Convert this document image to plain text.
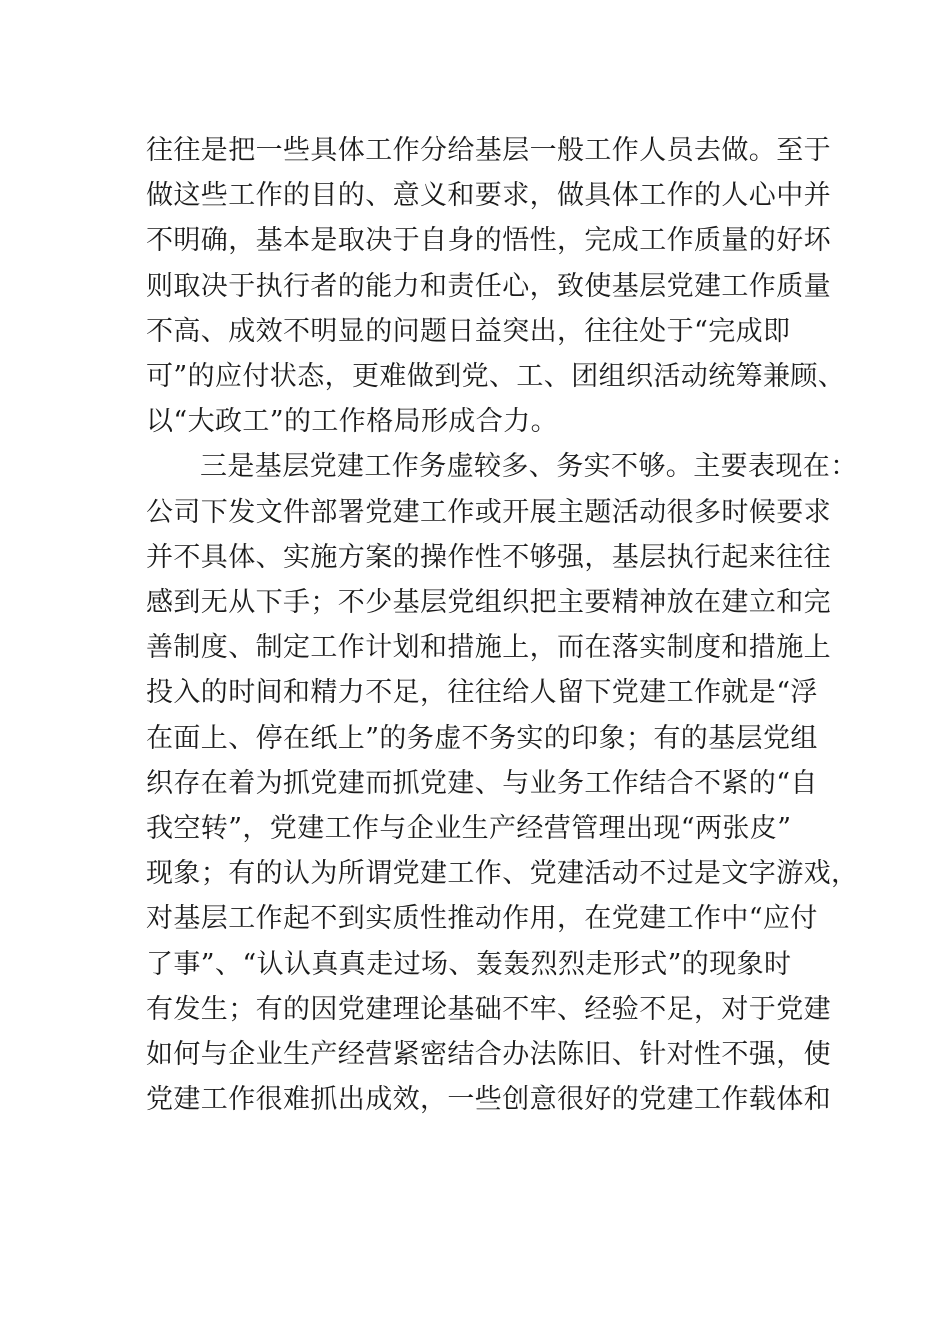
往往是把一些具体工作分给基层一般工作人员去做。至于
做这些工作的目的、意义和要求，做具体工作的人心中并
不明确，基本是取决于自身的悟性，完成工作质量的好坏
则取决于执行者的能力和责任心，致使基层党建工作质量
不高、成效不明显的问题日益突出，往往处于“完成即
可”的应付状态，更难做到党、工、团组织活动统筹兼顾、
以“大政工”的工作格局形成合力。
三是基层党建工作务虚较多、务实不够。主要表现在：
公司下发文件部署党建工作或开展主题活动很多时候要求
并不具体、实施方案的操作性不够强，基层执行起来往往
感到无从下手；不少基层党组织把主要精神放在建立和完
善制度、制定工作计划和措施上，而在落实制度和措施上
投入的时间和精力不足，往往给人留下党建工作就是“浮
在面上、停在纸上”的务虚不务实的印象；有的基层党组
织存在着为抓党建而抓党建、与业务工作结合不紧的“自
我空转”，党建工作与企业生产经营管理出现“两张皮”
现象；有的认为所谓党建工作、党建活动不过是文字游戏，
对基层工作起不到实质性推动作用，在党建工作中“应付
了事”、“认认真真走过场、轰轰烈烈走形式”的现象时
有发生；有的因党建理论基础不牢、经验不足，对于党建
如何与企业生产经营紧密结合办法陈旧、针对性不强，使
党建工作很难抓出成效，一些创意很好的党建工作载体和
